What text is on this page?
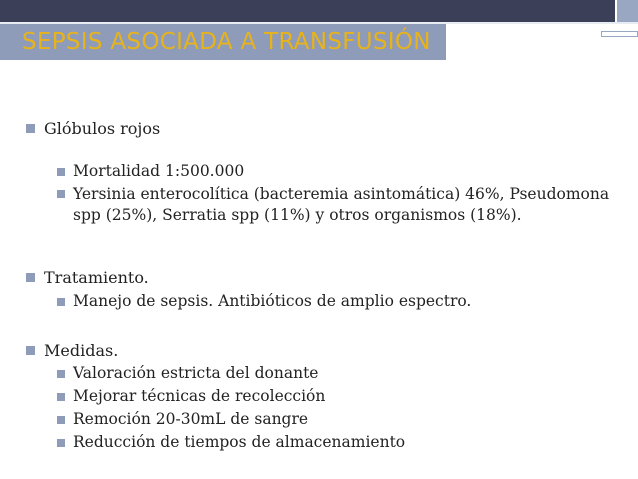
SEPSIS ASOCIADA A TRANSFUSIÓN
Glóbulos rojos
Mortalidad 1:500.000
Yersinia enterocolítica (bacteremia asintomática) 46%, Pseudomona spp (25%), Serratia spp (11%) y otros organismos (18%).
Tratamiento.
Manejo de sepsis. Antibióticos de amplio espectro.
Medidas.
Valoración estricta del donante
Mejorar técnicas de recolección
Remoción 20-30mL de sangre
Reducción de tiempos de almacenamiento
